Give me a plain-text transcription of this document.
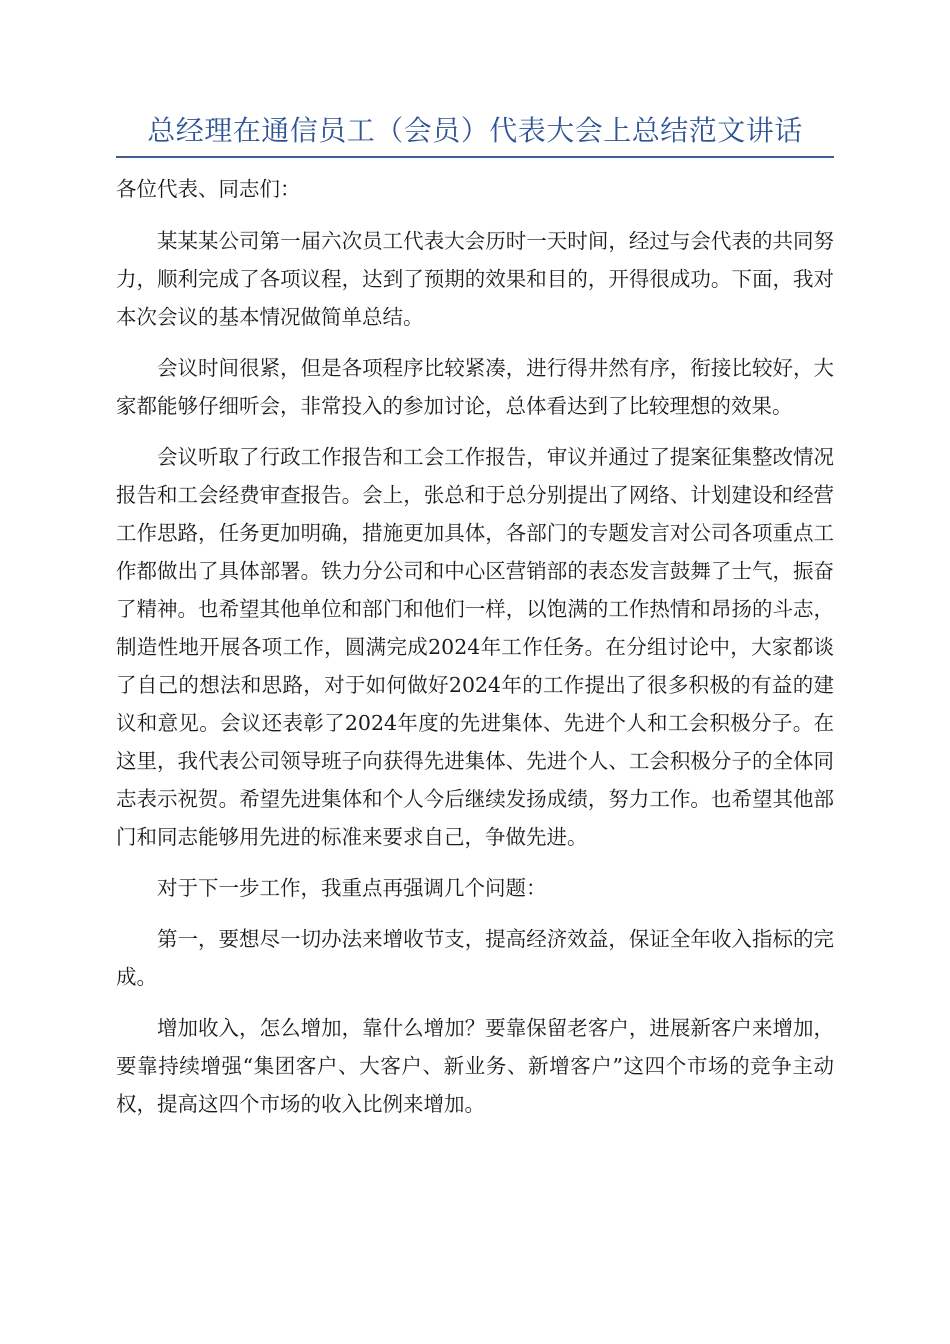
总经理在通信员工（会员）代表大会上总结范文讲话

各位代表、同志们：

某某某公司第一届六次员工代表大会历时一天时间，经过与会代表的共同努力，顺利完成了各项议程，达到了预期的效果和目的，开得很成功。下面，我对本次会议的基本情况做简单总结。

会议时间很紧，但是各项程序比较紧凑，进行得井然有序，衔接比较好，大家都能够仔细听会，非常投入的参加讨论，总体看达到了比较理想的效果。

会议听取了行政工作报告和工会工作报告，审议并通过了提案征集整改情况报告和工会经费审查报告。会上，张总和于总分别提出了网络、计划建设和经营工作思路，任务更加明确，措施更加具体，各部门的专题发言对公司各项重点工作都做出了具体部署。铁力分公司和中心区营销部的表态发言鼓舞了士气，振奋了精神。也希望其他单位和部门和他们一样，以饱满的工作热情和昂扬的斗志，制造性地开展各项工作，圆满完成2024年工作任务。在分组讨论中，大家都谈了自己的想法和思路，对于如何做好2024年的工作提出了很多积极的有益的建议和意见。会议还表彰了2024年度的先进集体、先进个人和工会积极分子。在这里，我代表公司领导班子向获得先进集体、先进个人、工会积极分子的全体同志表示祝贺。希望先进集体和个人今后继续发扬成绩，努力工作。也希望其他部门和同志能够用先进的标准来要求自己，争做先进。

对于下一步工作，我重点再强调几个问题：

第一，要想尽一切办法来增收节支，提高经济效益，保证全年收入指标的完成。

增加收入，怎么增加，靠什么增加？要靠保留老客户，进展新客户来增加，要靠持续增强“集团客户、大客户、新业务、新增客户”这四个市场的竞争主动权，提高这四个市场的收入比例来增加。
